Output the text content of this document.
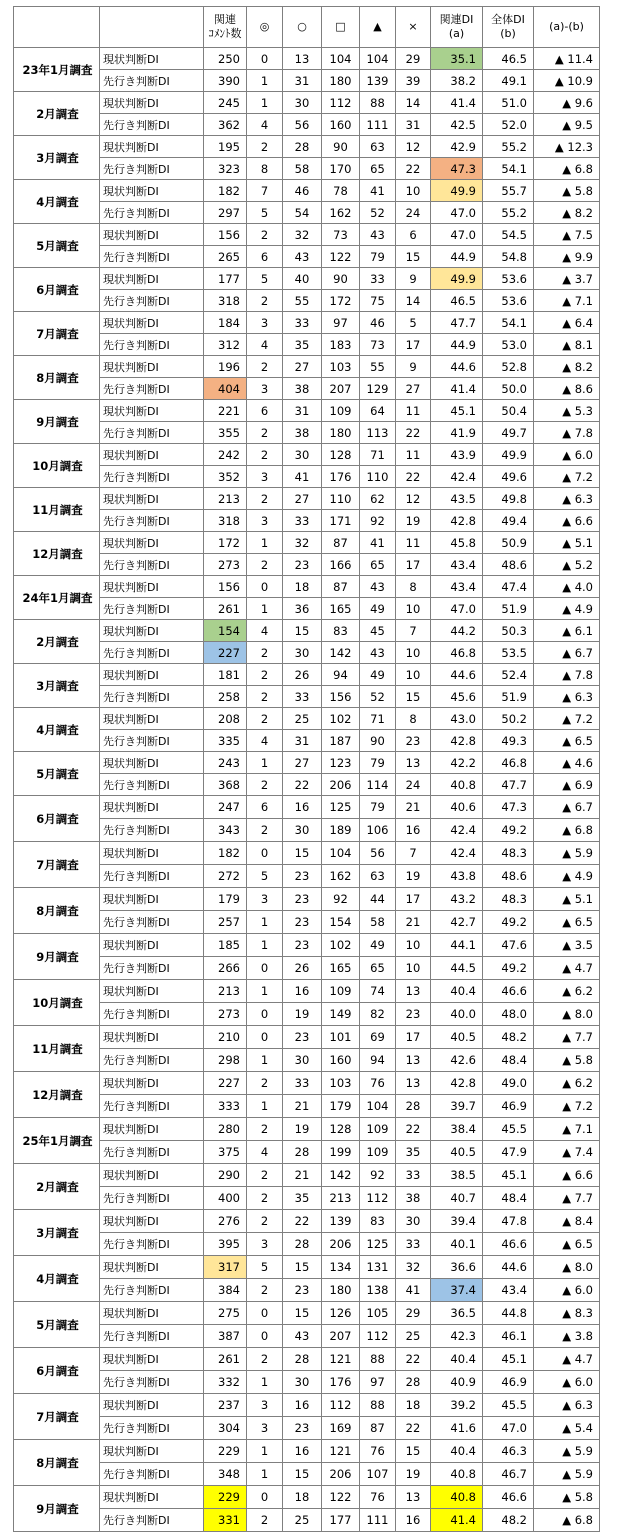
		関連
ｺﾒﾝﾄ数	◎	○	□	▲	×	関連DI
(a)	全体DI
(b)	(a)-(b)
23年1月調査	現状判断DI	250	0	13	104	104	29	35.1	46.5	▲ 11.4
	先行き判断DI	390	1	31	180	139	39	38.2	49.1	▲ 10.9
2月調査	現状判断DI	245	1	30	112	88	14	41.4	51.0	▲ 9.6
	先行き判断DI	362	4	56	160	111	31	42.5	52.0	▲ 9.5
3月調査	現状判断DI	195	2	28	90	63	12	42.9	55.2	▲ 12.3
	先行き判断DI	323	8	58	170	65	22	47.3	54.1	▲ 6.8
4月調査	現状判断DI	182	7	46	78	41	10	49.9	55.7	▲ 5.8
	先行き判断DI	297	5	54	162	52	24	47.0	55.2	▲ 8.2
5月調査	現状判断DI	156	2	32	73	43	6	47.0	54.5	▲ 7.5
	先行き判断DI	265	6	43	122	79	15	44.9	54.8	▲ 9.9
6月調査	現状判断DI	177	5	40	90	33	9	49.9	53.6	▲ 3.7
	先行き判断DI	318	2	55	172	75	14	46.5	53.6	▲ 7.1
7月調査	現状判断DI	184	3	33	97	46	5	47.7	54.1	▲ 6.4
	先行き判断DI	312	4	35	183	73	17	44.9	53.0	▲ 8.1
8月調査	現状判断DI	196	2	27	103	55	9	44.6	52.8	▲ 8.2
	先行き判断DI	404	3	38	207	129	27	41.4	50.0	▲ 8.6
9月調査	現状判断DI	221	6	31	109	64	11	45.1	50.4	▲ 5.3
	先行き判断DI	355	2	38	180	113	22	41.9	49.7	▲ 7.8
10月調査	現状判断DI	242	2	30	128	71	11	43.9	49.9	▲ 6.0
	先行き判断DI	352	3	41	176	110	22	42.4	49.6	▲ 7.2
11月調査	現状判断DI	213	2	27	110	62	12	43.5	49.8	▲ 6.3
	先行き判断DI	318	3	33	171	92	19	42.8	49.4	▲ 6.6
12月調査	現状判断DI	172	1	32	87	41	11	45.8	50.9	▲ 5.1
	先行き判断DI	273	2	23	166	65	17	43.4	48.6	▲ 5.2
24年1月調査	現状判断DI	156	0	18	87	43	8	43.4	47.4	▲ 4.0
	先行き判断DI	261	1	36	165	49	10	47.0	51.9	▲ 4.9
2月調査	現状判断DI	154	4	15	83	45	7	44.2	50.3	▲ 6.1
	先行き判断DI	227	2	30	142	43	10	46.8	53.5	▲ 6.7
3月調査	現状判断DI	181	2	26	94	49	10	44.6	52.4	▲ 7.8
	先行き判断DI	258	2	33	156	52	15	45.6	51.9	▲ 6.3
4月調査	現状判断DI	208	2	25	102	71	8	43.0	50.2	▲ 7.2
	先行き判断DI	335	4	31	187	90	23	42.8	49.3	▲ 6.5
5月調査	現状判断DI	243	1	27	123	79	13	42.2	46.8	▲ 4.6
	先行き判断DI	368	2	22	206	114	24	40.8	47.7	▲ 6.9
6月調査	現状判断DI	247	6	16	125	79	21	40.6	47.3	▲ 6.7
	先行き判断DI	343	2	30	189	106	16	42.4	49.2	▲ 6.8
7月調査	現状判断DI	182	0	15	104	56	7	42.4	48.3	▲ 5.9
	先行き判断DI	272	5	23	162	63	19	43.8	48.6	▲ 4.9
8月調査	現状判断DI	179	3	23	92	44	17	43.2	48.3	▲ 5.1
	先行き判断DI	257	1	23	154	58	21	42.7	49.2	▲ 6.5
9月調査	現状判断DI	185	1	23	102	49	10	44.1	47.6	▲ 3.5
	先行き判断DI	266	0	26	165	65	10	44.5	49.2	▲ 4.7
10月調査	現状判断DI	213	1	16	109	74	13	40.4	46.6	▲ 6.2
	先行き判断DI	273	0	19	149	82	23	40.0	48.0	▲ 8.0
11月調査	現状判断DI	210	0	23	101	69	17	40.5	48.2	▲ 7.7
	先行き判断DI	298	1	30	160	94	13	42.6	48.4	▲ 5.8
12月調査	現状判断DI	227	2	33	103	76	13	42.8	49.0	▲ 6.2
	先行き判断DI	333	1	21	179	104	28	39.7	46.9	▲ 7.2
25年1月調査	現状判断DI	280	2	19	128	109	22	38.4	45.5	▲ 7.1
	先行き判断DI	375	4	28	199	109	35	40.5	47.9	▲ 7.4
2月調査	現状判断DI	290	2	21	142	92	33	38.5	45.1	▲ 6.6
	先行き判断DI	400	2	35	213	112	38	40.7	48.4	▲ 7.7
3月調査	現状判断DI	276	2	22	139	83	30	39.4	47.8	▲ 8.4
	先行き判断DI	395	3	28	206	125	33	40.1	46.6	▲ 6.5
4月調査	現状判断DI	317	5	15	134	131	32	36.6	44.6	▲ 8.0
	先行き判断DI	384	2	23	180	138	41	37.4	43.4	▲ 6.0
5月調査	現状判断DI	275	0	15	126	105	29	36.5	44.8	▲ 8.3
	先行き判断DI	387	0	43	207	112	25	42.3	46.1	▲ 3.8
6月調査	現状判断DI	261	2	28	121	88	22	40.4	45.1	▲ 4.7
	先行き判断DI	332	1	30	176	97	28	40.9	46.9	▲ 6.0
7月調査	現状判断DI	237	3	16	112	88	18	39.2	45.5	▲ 6.3
	先行き判断DI	304	3	23	169	87	22	41.6	47.0	▲ 5.4
8月調査	現状判断DI	229	1	16	121	76	15	40.4	46.3	▲ 5.9
	先行き判断DI	348	1	15	206	107	19	40.8	46.7	▲ 5.9
9月調査	現状判断DI	229	0	18	122	76	13	40.8	46.6	▲ 5.8
	先行き判断DI	331	2	25	177	111	16	41.4	48.2	▲ 6.8
